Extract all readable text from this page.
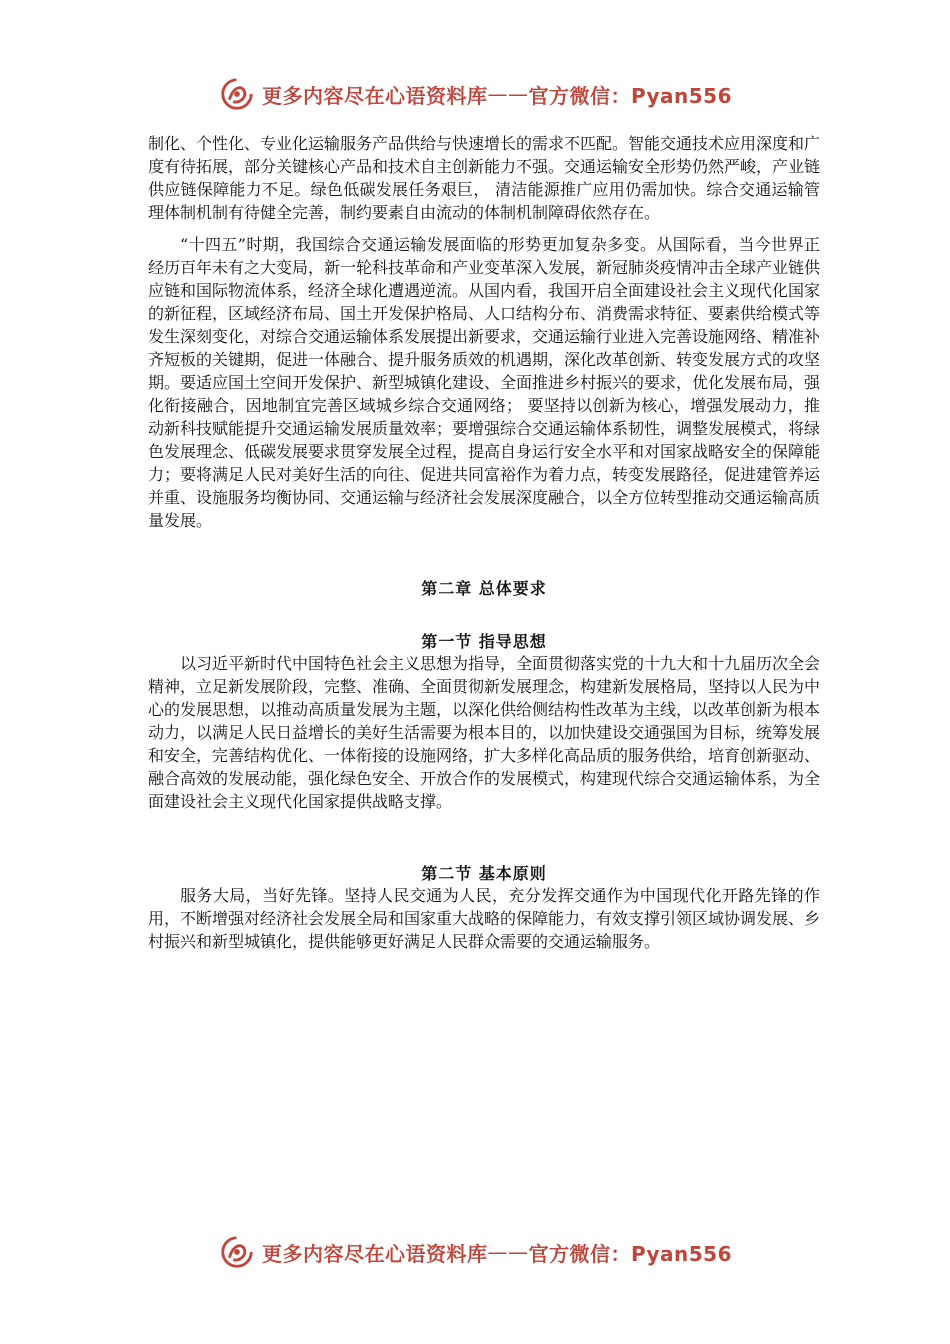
更多内容尽在心语资料库 —— 官方微信：Pyan556

制化、个性化、专业化运输服务产品供给与快速增长的需求不匹配。智能交通技术应用深度和广度有待拓展，部分关键核心产品和技术自主创新能力不强。交通运输安全形势仍然严峻，产业链供应链保障能力不足。绿色低碳发展任务艰巨， 清洁能源推广应用仍需加快。综合交通运输管理体制机制有待健全完善，制约要素自由流动的体制机制障碍依然存在。

“十四五”时期，我国综合交通运输发展面临的形势更加复杂多变。从国际看，当今世界正经历百年未有之大变局，新一轮科技革命和产业变革深入发展，新冠肺炎疫情冲击全球产业链供应链和国际物流体系，经济全球化遭遇逆流。从国内看，我国开启全面建设社会主义现代化国家的新征程，区域经济布局、国土开发保护格局、人口结构分布、消费需求特征、要素供给模式等发生深刻变化，对综合交通运输体系发展提出新要求，交通运输行业进入完善设施网络、精准补齐短板的关键期，促进一体融合、提升服务质效的机遇期，深化改革创新、转变发展方式的攻坚期。要适应国土空间开发保护、新型城镇化建设、全面推进乡村振兴的要求，优化发展布局，强化衔接融合，因地制宜完善区域城乡综合交通网络； 要坚持以创新为核心，增强发展动力，推动新科技赋能提升交通运输发展质量效率；要增强综合交通运输体系韧性，调整发展模式，将绿色发展理念、低碳发展要求贯穿发展全过程，提高自身运行安全水平和对国家战略安全的保障能力；要将满足人民对美好生活的向往、促进共同富裕作为着力点，转变发展路径，促进建管养运并重、设施服务均衡协同、交通运输与经济社会发展深度融合，以全方位转型推动交通运输高质量发展。

第二章 总体要求
第一节 指导思想

以习近平新时代中国特色社会主义思想为指导，全面贯彻落实党的十九大和十九届历次全会精神，立足新发展阶段，完整、准确、全面贯彻新发展理念，构建新发展格局，坚持以人民为中心的发展思想，以推动高质量发展为主题，以深化供给侧结构性改革为主线，以改革创新为根本动力，以满足人民日益增长的美好生活需要为根本目的，以加快建设交通强国为目标，统筹发展和安全，完善结构优化、一体衔接的设施网络，扩大多样化高品质的服务供给，培育创新驱动、融合高效的发展动能，强化绿色安全、开放合作的发展模式，构建现代综合交通运输体系，为全面建设社会主义现代化国家提供战略支撑。

第二节 基本原则

服务大局，当好先锋。坚持人民交通为人民，充分发挥交通作为中国现代化开路先锋的作用，不断增强对经济社会发展全局和国家重大战略的保障能力，有效支撑引领区域协调发展、乡村振兴和新型城镇化，提供能够更好满足人民群众需要的交通运输服务。

更多内容尽在心语资料库 —— 官方微信：Pyan556
